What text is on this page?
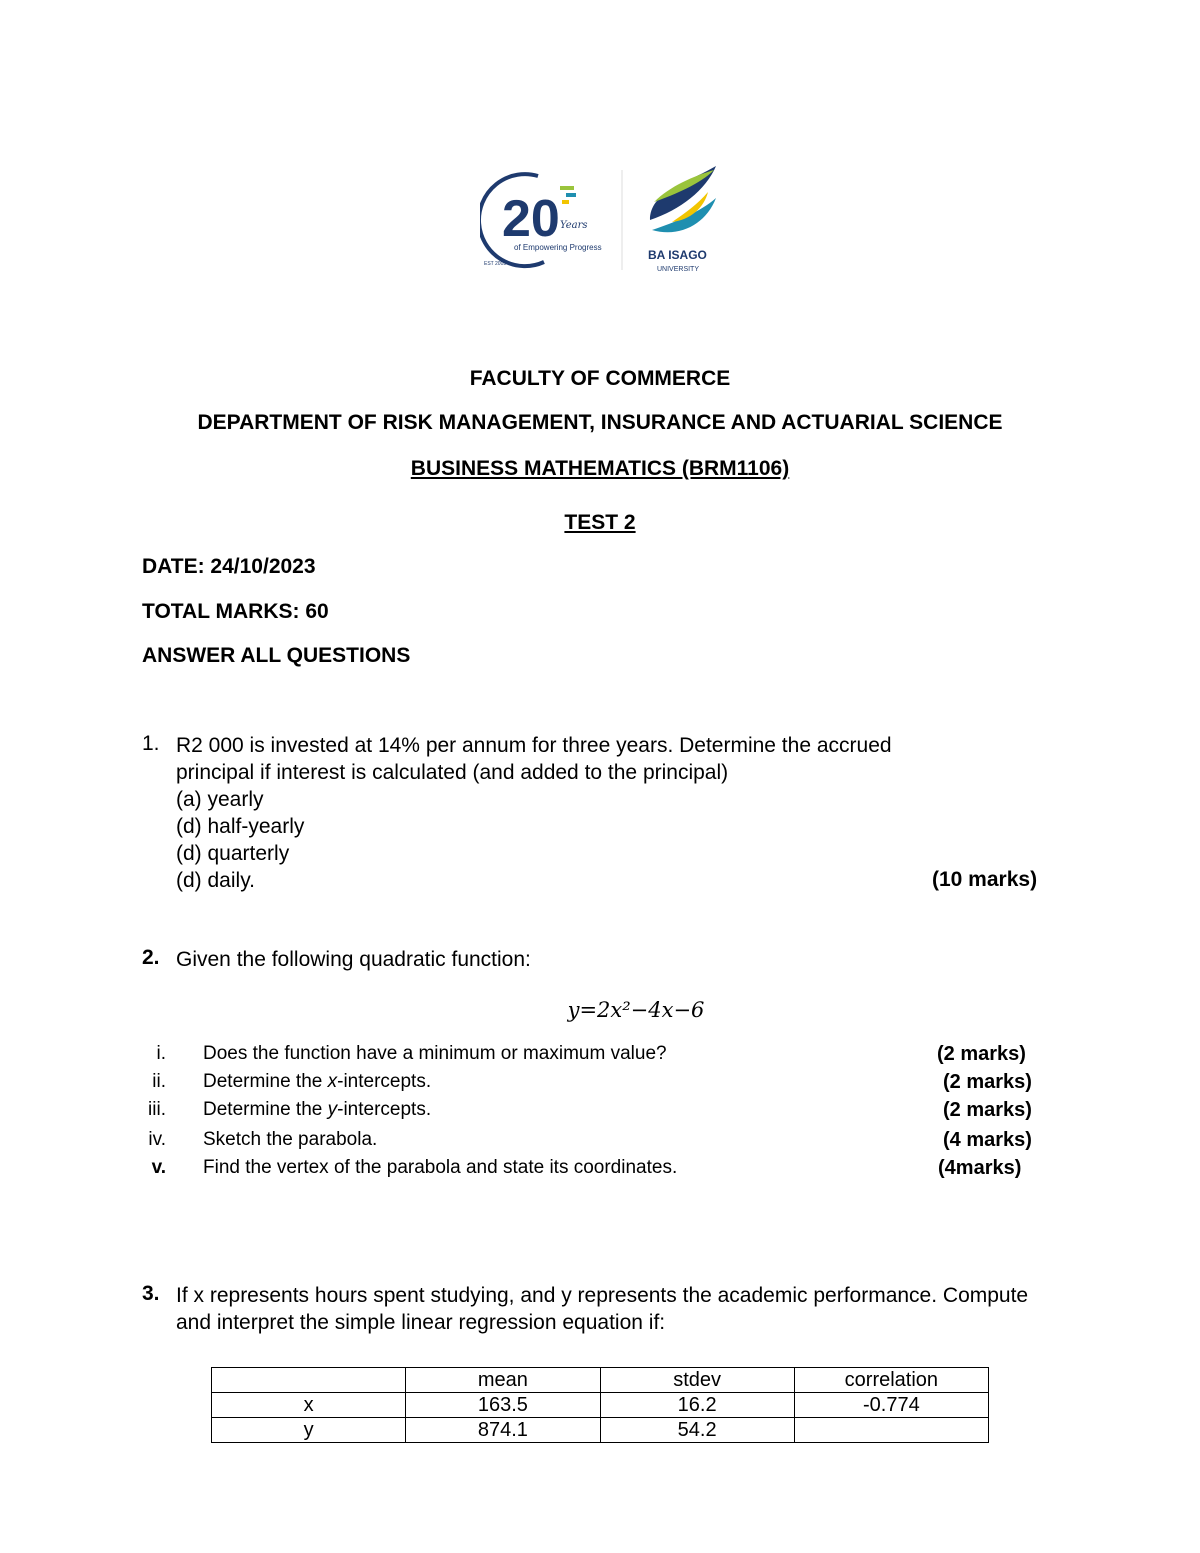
20 Years
of Empowering Progress
EST 2003
BA ISAGO
UNIVERSITY
FACULTY OF COMMERCE
DEPARTMENT OF RISK MANAGEMENT, INSURANCE AND ACTUARIAL SCIENCE
BUSINESS MATHEMATICS (BRM1106)
TEST 2
DATE: 24/10/2023
TOTAL MARKS: 60
ANSWER ALL QUESTIONS
1. R2 000 is invested at 14% per annum for three years. Determine the accrued
principal if interest is calculated (and added to the principal)
(a) yearly
(d) half-yearly
(d) quarterly
(d) daily.	(10 marks)
2. Given the following quadratic function:
y=2x²−4x−6
i. Does the function have a minimum or maximum value?	(2 marks)
ii. Determine the x-intercepts.	(2 marks)
iii. Determine the y-intercepts.	(2 marks)
iv. Sketch the parabola.	(4 marks)
v. Find the vertex of the parabola and state its coordinates.	(4marks)
3. If x represents hours spent studying, and y represents the academic performance. Compute
and interpret the simple linear regression equation if:
	mean	stdev	correlation
x	163.5	16.2	-0.774
y	874.1	54.2	
